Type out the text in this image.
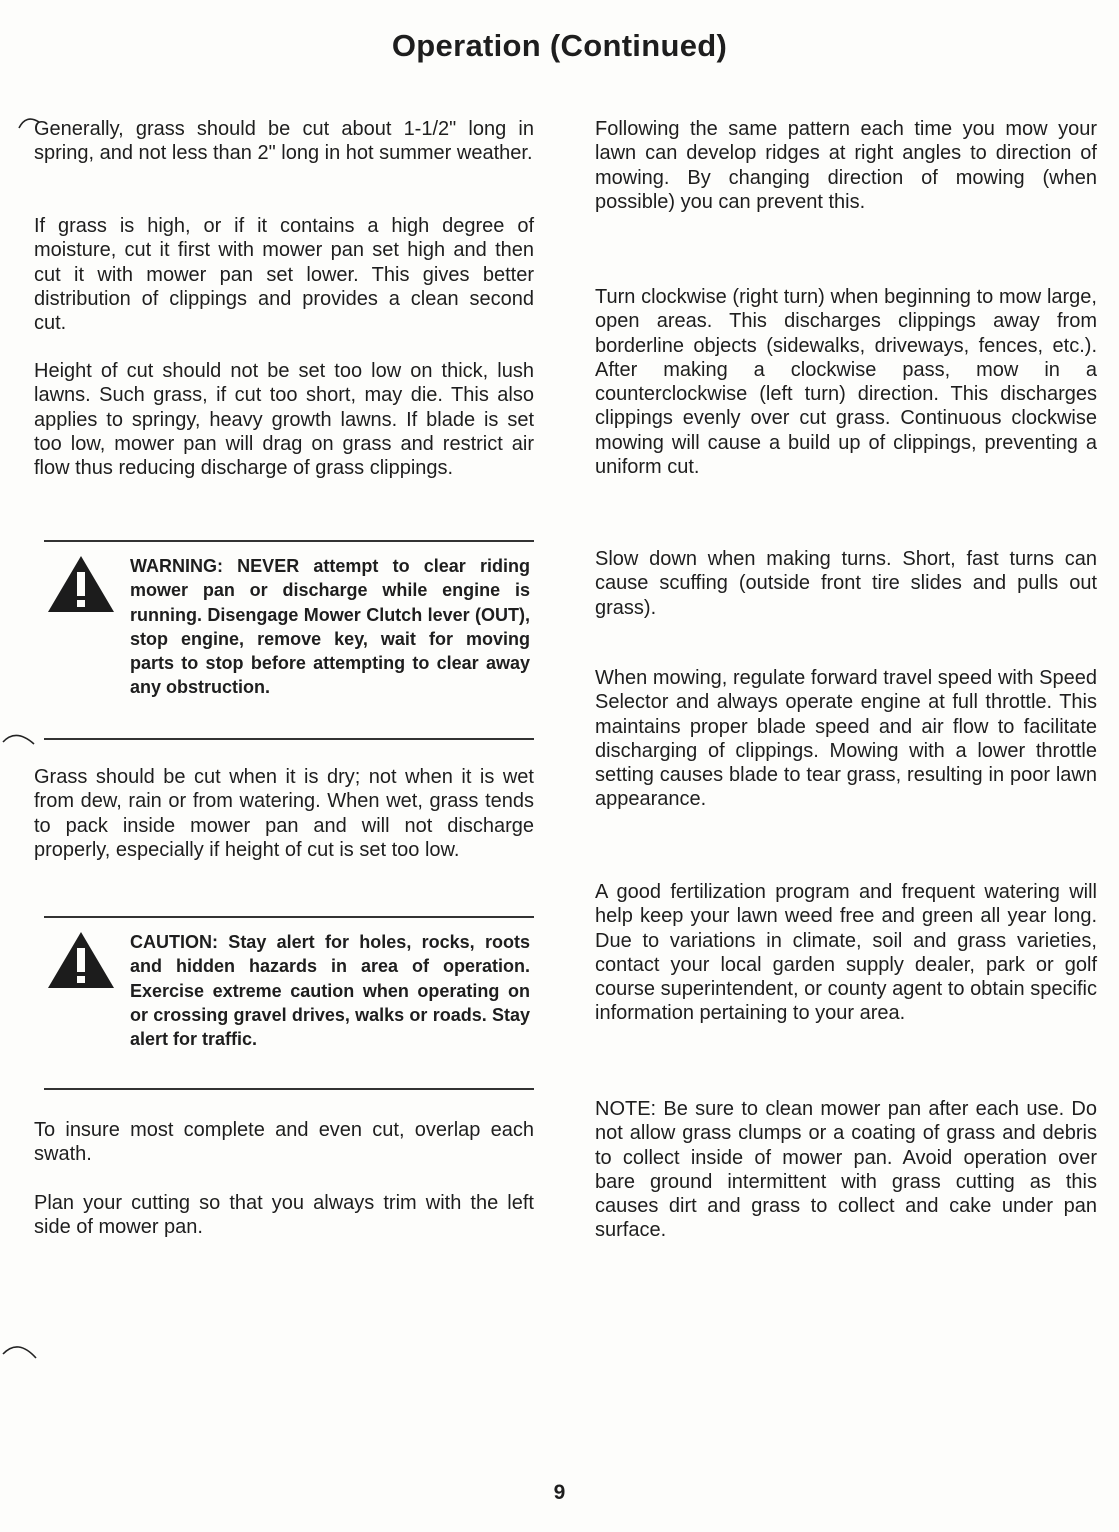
Operation (Continued)

Generally, grass should be cut about 1-1/2" long in spring, and not less than 2" long in hot summer weather.

If grass is high, or if it contains a high degree of moisture, cut it first with mower pan set high and then cut it with mower pan set lower. This gives better distribution of clippings and provides a clean second cut.

Height of cut should not be set too low on thick, lush lawns. Such grass, if cut too short, may die. This also applies to springy, heavy growth lawns. If blade is set too low, mower pan will drag on grass and restrict air flow thus reducing discharge of grass clippings.

WARNING: NEVER attempt to clear riding mower pan or discharge while engine is running. Disengage Mower Clutch lever (OUT), stop engine, remove key, wait for moving parts to stop before attempting to clear away any obstruction.

Grass should be cut when it is dry; not when it is wet from dew, rain or from watering. When wet, grass tends to pack inside mower pan and will not discharge properly, especially if height of cut is set too low.

CAUTION: Stay alert for holes, rocks, roots and hidden hazards in area of operation. Exercise extreme caution when operating on or crossing gravel drives, walks or roads. Stay alert for traffic.

To insure most complete and even cut, overlap each swath.

Plan your cutting so that you always trim with the left side of mower pan.

Following the same pattern each time you mow your lawn can develop ridges at right angles to direction of mowing. By changing direction of mowing (when possible) you can prevent this.

Turn clockwise (right turn) when beginning to mow large, open areas. This discharges clippings away from borderline objects (sidewalks, driveways, fences, etc.). After making a clockwise pass, mow in a counterclockwise (left turn) direction. This discharges clippings evenly over cut grass. Continuous clockwise mowing will cause a build up of clippings, preventing a uniform cut.

Slow down when making turns. Short, fast turns can cause scuffing (outside front tire slides and pulls out grass).

When mowing, regulate forward travel speed with Speed Selector and always operate engine at full throttle. This maintains proper blade speed and air flow to facilitate discharging of clippings. Mowing with a lower throttle setting causes blade to tear grass, resulting in poor lawn appearance.

A good fertilization program and frequent watering will help keep your lawn weed free and green all year long. Due to variations in climate, soil and grass varieties, contact your local garden supply dealer, park or golf course superintendent, or county agent to obtain specific information pertaining to your area.

NOTE: Be sure to clean mower pan after each use. Do not allow grass clumps or a coating of grass and debris to collect inside of mower pan. Avoid operation over bare ground intermittent with grass cutting as this causes dirt and grass to collect and cake under pan surface.

9
